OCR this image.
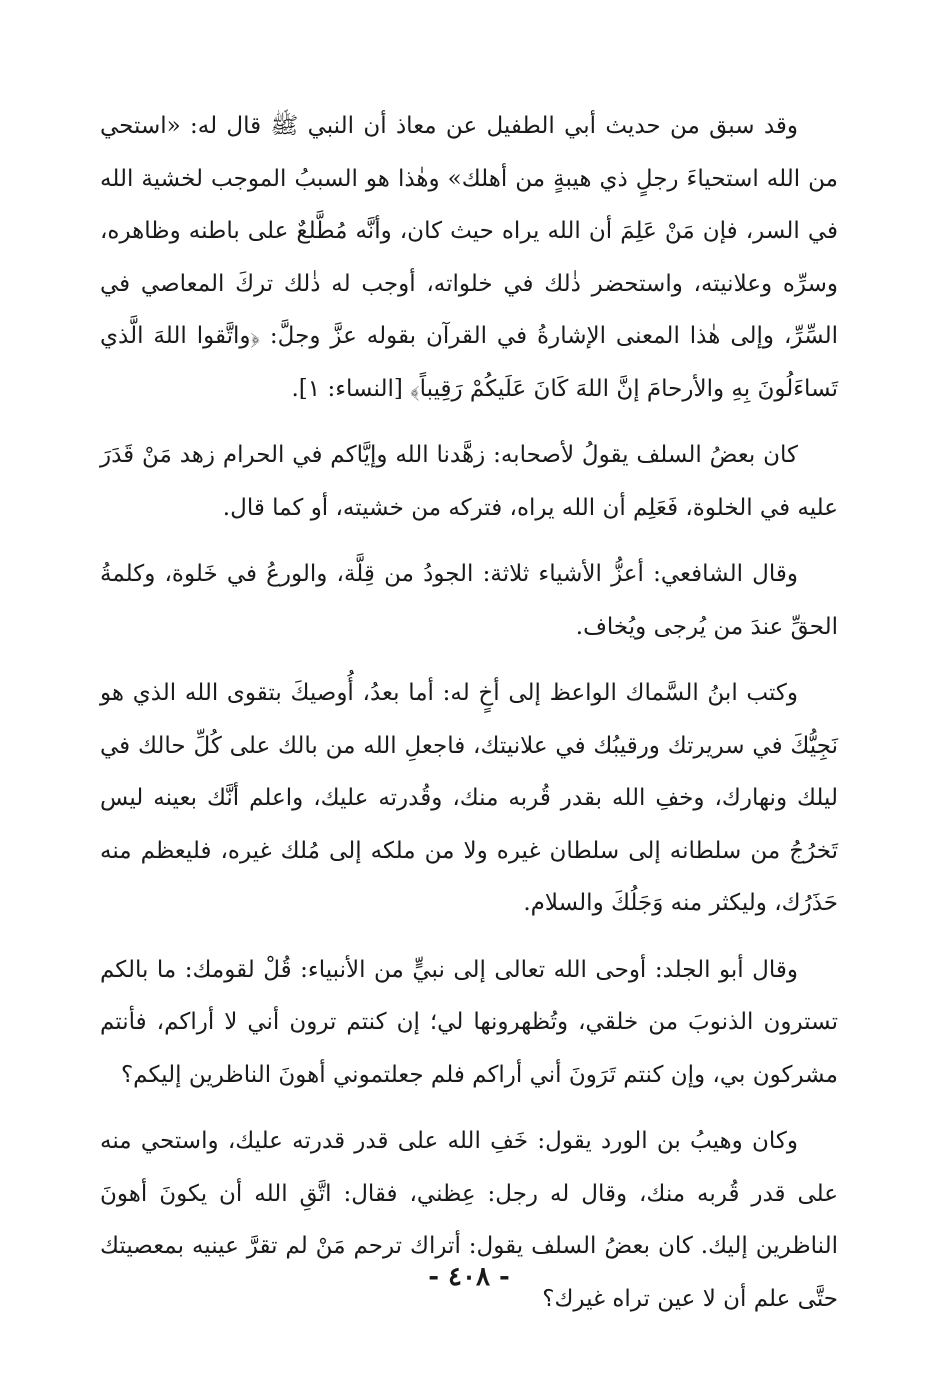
وقد سبق من حديث أبي الطفيل عن معاذ أن النبي ﷺ قال له: «استحي من الله استحياءَ رجلٍ ذي هيبةٍ من أهلك» وهٰذا هو السببُ الموجب لخشية الله في السر، فإن مَنْ عَلِمَ أن الله يراه حيث كان، وأنَّه مُطَّلعٌ على باطنه وظاهره، وسرِّه وعلانيته، واستحضر ذٰلك في خلواته، أوجب له ذٰلك تركَ المعاصي في السِّرِّ، وإلى هٰذا المعنى الإشارةُ في القرآن بقوله عزَّ وجلَّ: ﴿واتَّقوا اللهَ الَّذي تَساءَلُونَ بِهِ والأرحامَ إنَّ اللهَ كَانَ عَلَيكُمْ رَقِيباً﴾ [النساء: ١].

كان بعضُ السلف يقولُ لأصحابه: زهَّدنا الله وإيَّاكم في الحرام زهد مَنْ قَدَرَ عليه في الخلوة، فَعَلِم أن الله يراه، فتركه من خشيته، أو كما قال.

وقال الشافعي: أعزُّ الأشياء ثلاثة: الجودُ من قِلَّة، والورعُ في خَلوة، وكلمةُ الحقِّ عندَ من يُرجى ويُخاف.

وكتب ابنُ السَّماك الواعظ إلى أخٍ له: أما بعدُ، أُوصيكَ بتقوى الله الذي هو نَجِيُّكَ في سريرتك ورقيبُك في علانيتك، فاجعلِ الله من بالك على كُلِّ حالك في ليلك ونهارك، وخفِ الله بقدر قُربه منك، وقُدرته عليك، واعلم أنَّك بعينه ليس تَخرُجُ من سلطانه إلى سلطان غيره ولا من ملكه إلى مُلك غيره، فليعظم منه حَذَرُك، وليكثر منه وَجَلُكَ والسلام.

وقال أبو الجلد: أوحى الله تعالى إلى نبيٍّ من الأنبياء: قُلْ لقومك: ما بالكم تسترون الذنوبَ من خلقي، وتُظهرونها لي؛ إن كنتم ترون أني لا أراكم، فأنتم مشركون بي، وإن كنتم تَرَونَ أني أراكم فلم جعلتموني أهونَ الناظرين إليكم؟

وكان وهيبُ بن الورد يقول: خَفِ الله على قدر قدرته عليك، واستحي منه على قدر قُربه منك، وقال له رجل: عِظني، فقال: اتَّقِ الله أن يكونَ أهونَ الناظرين إليك. كان بعضُ السلف يقول: أتراك ترحم مَنْ لم تقرَّ عينيه بمعصيتك حتَّى علم أن لا عين تراه غيرك؟

- ٤٠٨ -
